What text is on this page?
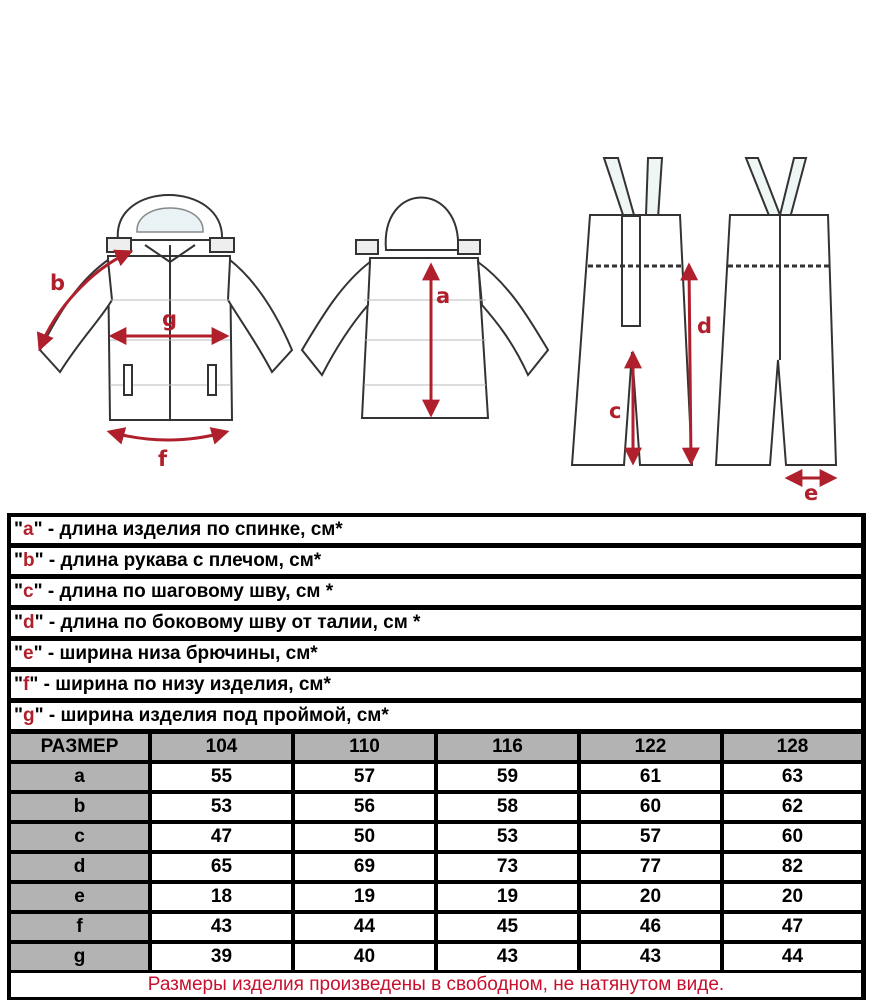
b
g
f
a
d
c
e
"a" - длина изделия по спинке, см*
"b" - длина рукава с плечом, см*
"c" - длина по шаговому шву, см *
"d" - длина по боковому шву от талии, см *
"e" - ширина низа брючины, см*
"f" - ширина по низу изделия, см*
"g" - ширина изделия под проймой, см*
РАЗМЕР	104	110	116	122	128
a	55	57	59	61	63
b	53	56	58	60	62
c	47	50	53	57	60
d	65	69	73	77	82
e	18	19	19	20	20
f	43	44	45	46	47
g	39	40	43	43	44
Размеры изделия произведены в свободном, не натянутом виде.
